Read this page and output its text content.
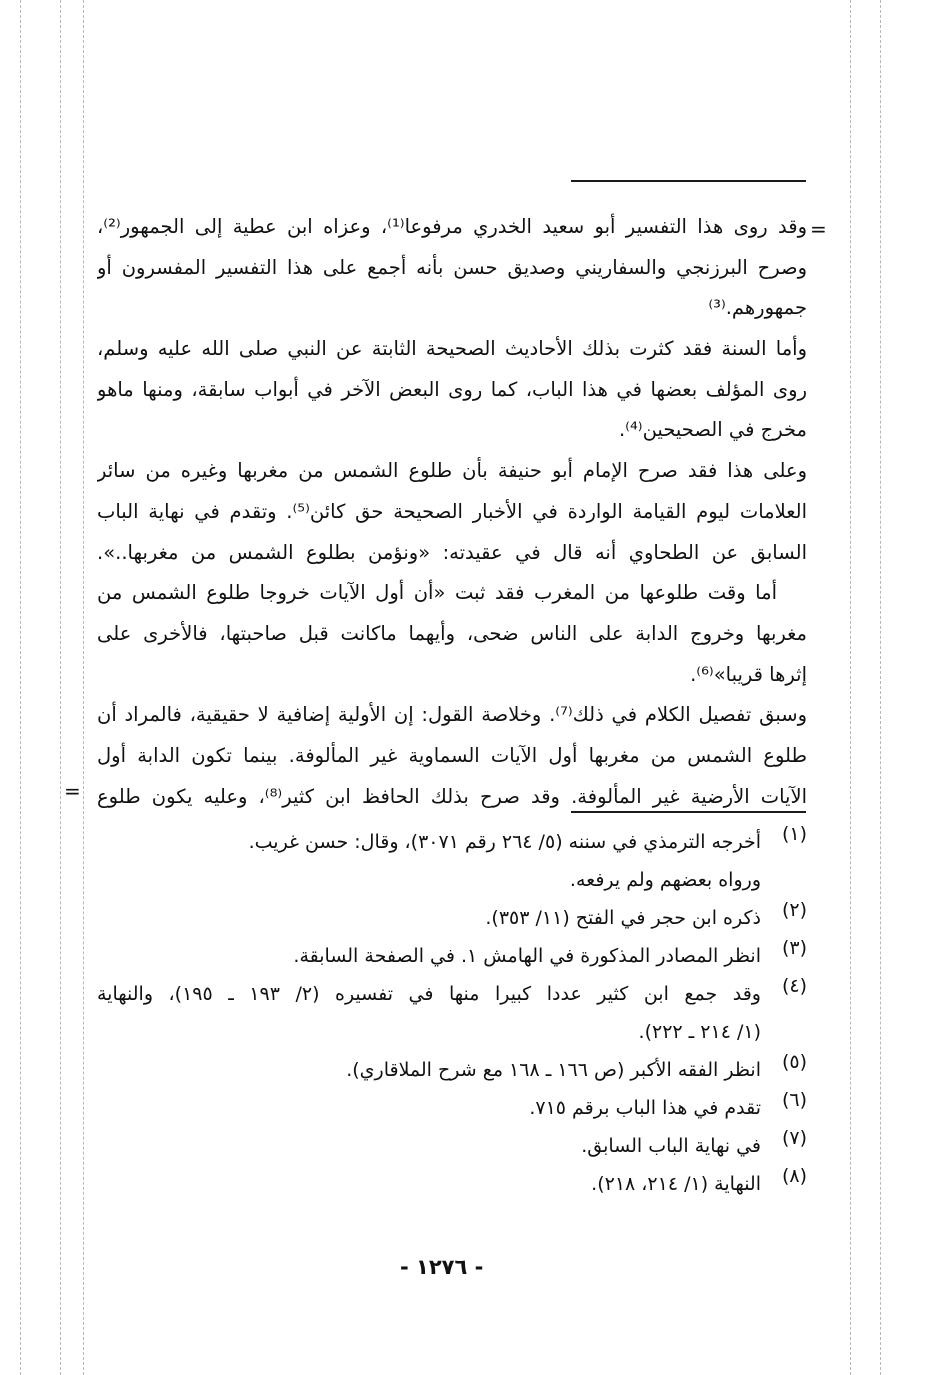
=
=
وقد روى هذا التفسير أبو سعيد الخدري مرفوعا⁽¹⁾، وعزاه ابن عطية إلى الجمهور⁽²⁾،
وصرح البرزنجي والسفاريني وصديق حسن بأنه أجمع على هذا التفسير المفسرون أو
جمهورهم.⁽³⁾
وأما السنة فقد كثرت بذلك الأحاديث الصحيحة الثابتة عن النبي صلى الله عليه وسلم،
روى المؤلف بعضها في هذا الباب، كما روى البعض الآخر في أبواب سابقة، ومنها ماهو
مخرج في الصحيحين⁽⁴⁾.
وعلى هذا فقد صرح الإمام أبو حنيفة بأن طلوع الشمس من مغربها وغيره من سائر
العلامات ليوم القيامة الواردة في الأخبار الصحيحة حق كائن⁽⁵⁾. وتقدم في نهاية الباب
السابق عن الطحاوي أنه قال في عقيدته: «ونؤمن بطلوع الشمس من مغربها..».
أما وقت طلوعها من المغرب فقد ثبت «أن أول الآيات خروجا طلوع الشمس من
مغربها وخروج الدابة على الناس ضحى، وأيهما ماكانت قبل صاحبتها، فالأخرى على
إثرها قريبا»⁽⁶⁾.
وسبق تفصيل الكلام في ذلك⁽⁷⁾. وخلاصة القول: إن الأولية إضافية لا حقيقية، فالمراد أن
طلوع الشمس من مغربها أول الآيات السماوية غير المألوفة. بينما تكون الدابة أول
الآيات الأرضية غير المألوفة. وقد صرح بذلك الحافظ ابن كثير⁽⁸⁾، وعليه يكون طلوع
(١)
أخرجه الترمذي في سننه (٥/ ٢٦٤ رقم ٣٠٧١)، وقال: حسن غريب.
ورواه بعضهم ولم يرفعه.
(٢)
ذكره ابن حجر في الفتح (١١/ ٣٥٣).
(٣)
انظر المصادر المذكورة في الهامش ١. في الصفحة السابقة.
(٤)
وقد جمع ابن كثير عددا كبيرا منها في تفسيره (٢/ ١٩٣ ـ ١٩٥)، والنهاية
(١/ ٢١٤ ـ ٢٢٢).
(٥)
انظر الفقه الأكبر (ص ١٦٦ ـ ١٦٨ مع شرح الملاقاري).
(٦)
تقدم في هذا الباب برقم ٧١٥.
(٧)
في نهاية الباب السابق.
(٨)
النهاية (١/ ٢١٤، ٢١٨).
- ١٢٧٦ -
